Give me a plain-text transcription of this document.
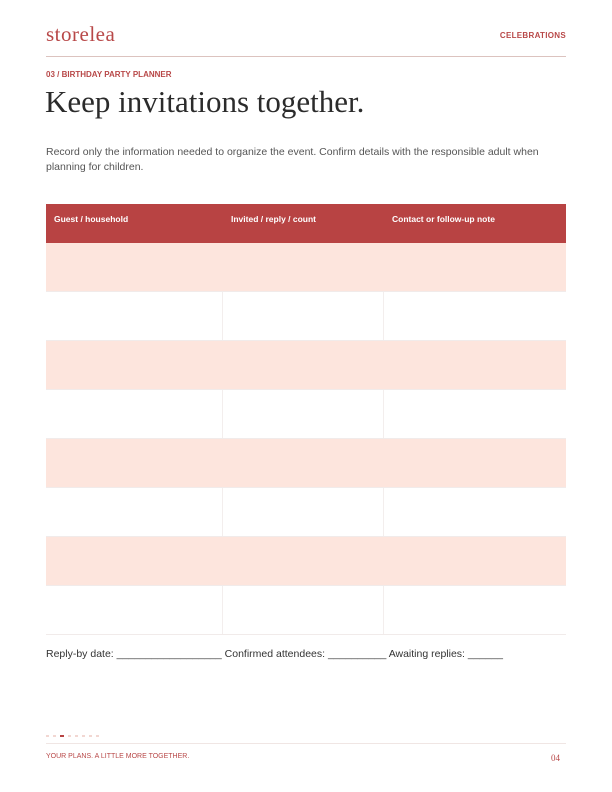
storelea	CELEBRATIONS
03 / BIRTHDAY PARTY PLANNER
Keep invitations together.

Record only the information needed to organize the event. Confirm details with the responsible adult when planning for children.

Guest / household	Invited / reply / count	Contact or follow-up note
Reply-by date: __________________ Confirmed attendees: __________ Awaiting replies: ______
YOUR PLANS. A LITTLE MORE TOGETHER.	04
